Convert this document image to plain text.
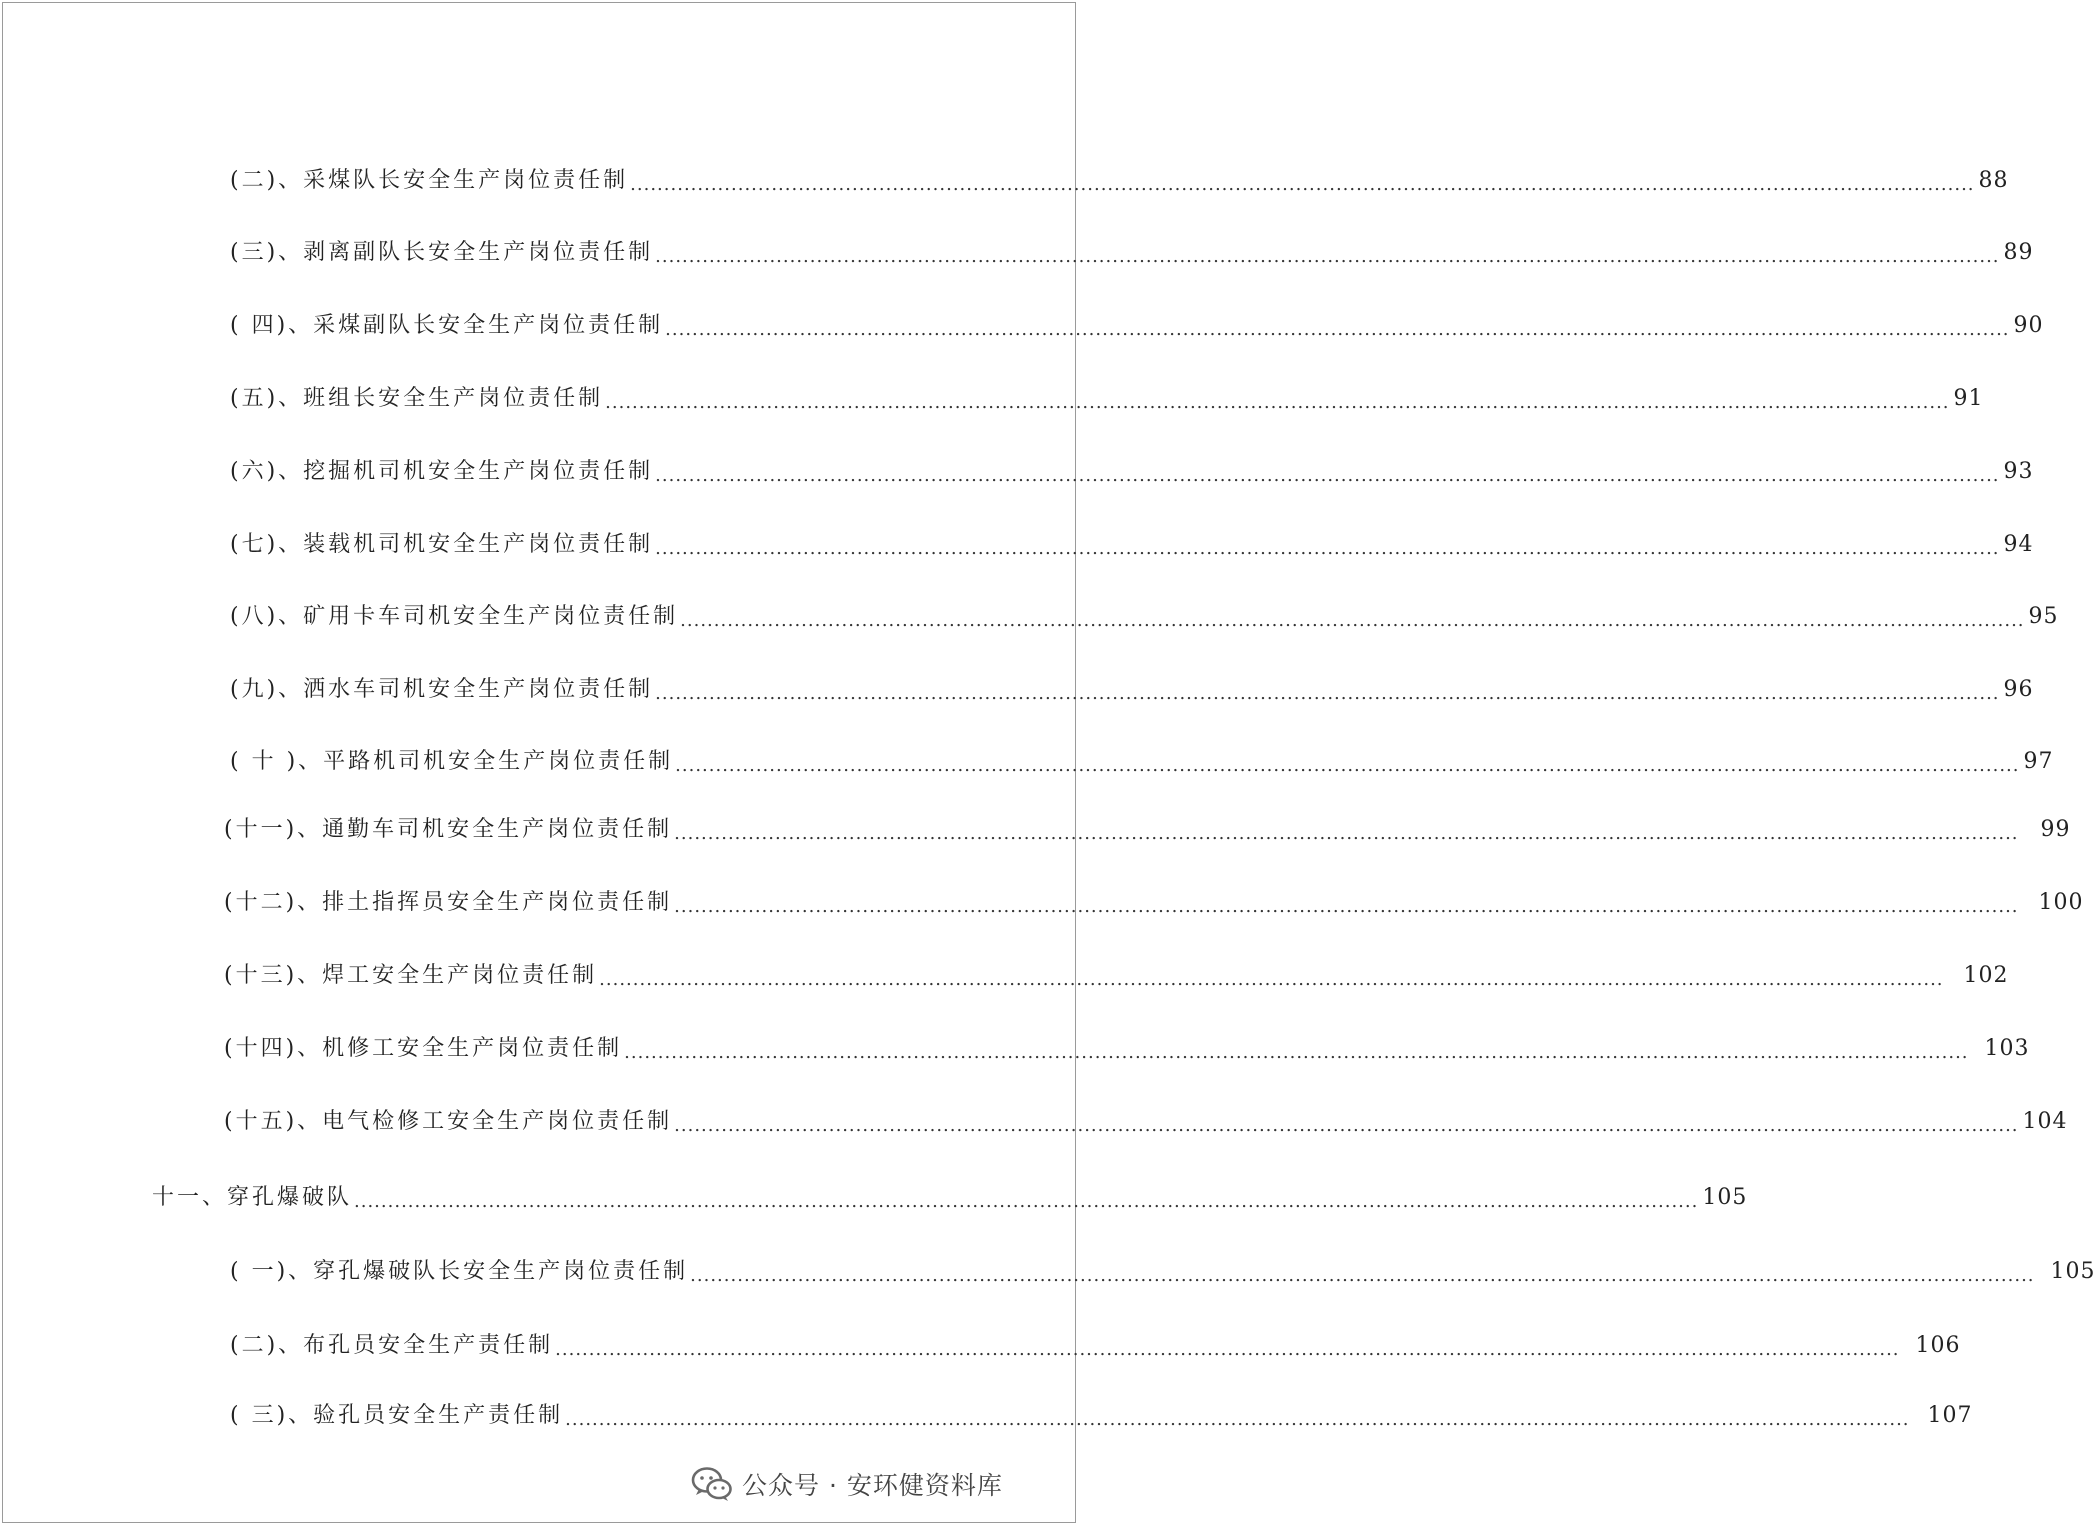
(二)、采煤队长安全生产岗位责任制 ........................................................................................................................................................................................................ 88
(三)、剥离副队长安全生产岗位责任制 ........................................................................................................................................................................................................ 89
( 四)、采煤副队长安全生产岗位责任制 ........................................................................................................................................................................................................ 90
(五)、班组长安全生产岗位责任制 ........................................................................................................................................................................................................ 91
(六)、挖掘机司机安全生产岗位责任制 ........................................................................................................................................................................................................ 93
(七)、装载机司机安全生产岗位责任制 ........................................................................................................................................................................................................ 94
(八)、矿用卡车司机安全生产岗位责任制 ........................................................................................................................................................................................................ 95
(九)、洒水车司机安全生产岗位责任制 ........................................................................................................................................................................................................ 96
( 十 )、平路机司机安全生产岗位责任制 ........................................................................................................................................................................................................ 97
(十一)、通勤车司机安全生产岗位责任制 ........................................................................................................................................................................................................ 99
(十二)、排土指挥员安全生产岗位责任制 ........................................................................................................................................................................................................ 100
(十三)、焊工安全生产岗位责任制 ........................................................................................................................................................................................................ 102
(十四)、机修工安全生产岗位责任制 ........................................................................................................................................................................................................ 103
(十五)、电气检修工安全生产岗位责任制 ........................................................................................................................................................................................................ 104
十一、穿孔爆破队 ........................................................................................................................................................................................................ 105
( 一)、穿孔爆破队长安全生产岗位责任制 ........................................................................................................................................................................................................ 105
(二)、布孔员安全生产责任制 ........................................................................................................................................................................................................ 106
( 三)、验孔员安全生产责任制 ........................................................................................................................................................................................................ 107
公众号 · 安环健资料库
